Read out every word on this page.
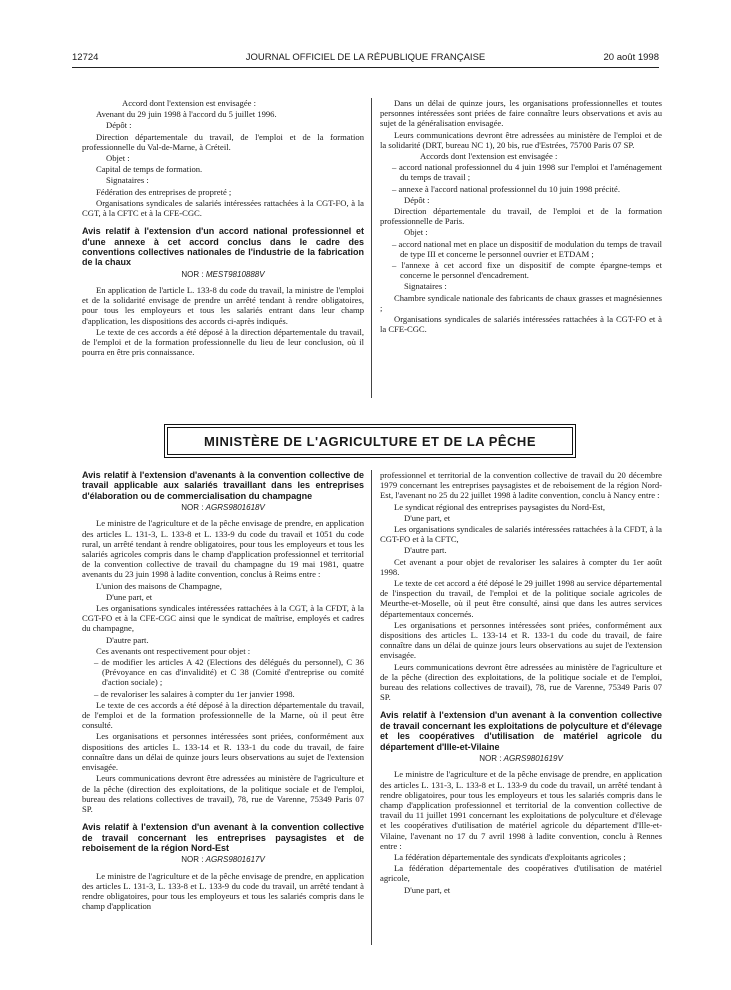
12724	JOURNAL OFFICIEL DE LA RÉPUBLIQUE FRANÇAISE	20 août 1998

Accord dont l'extension est envisagée :

Avenant du 29 juin 1998 à l'accord du 5 juillet 1996.

Dépôt :

Direction départementale du travail, de l'emploi et de la formation professionnelle du Val-de-Marne, à Créteil.

Objet :

Capital de temps de formation.

Signataires :

Fédération des entreprises de propreté ;

Organisations syndicales de salariés intéressées rattachées à la CGT-FO, à la CGT, à la CFTC et à la CFE-CGC.

Avis relatif à l'extension d'un accord national professionnel et d'une annexe à cet accord conclus dans le cadre des conventions collectives nationales de l'industrie de la fabrication de la chaux
NOR : MEST9810888V

En application de l'article L. 133-8 du code du travail, la ministre de l'emploi et de la solidarité envisage de prendre un arrêté tendant à rendre obligatoires, pour tous les employeurs et tous les salariés entrant dans leur champ d'application, les dispositions des accords ci-après indiqués.

Le texte de ces accords a été déposé à la direction départementale du travail, de l'emploi et de la formation professionnelle du lieu de leur conclusion, où il pourra en être pris connaissance.

Dans un délai de quinze jours, les organisations professionnelles et toutes personnes intéressées sont priées de faire connaître leurs observations et avis au sujet de la généralisation envisagée.

Leurs communications devront être adressées au ministère de l'emploi et de la solidarité (DRT, bureau NC 1), 20 bis, rue d'Estrées, 75700 Paris 07 SP.

Accords dont l'extension est envisagée :

– accord national professionnel du 4 juin 1998 sur l'emploi et l'aménagement du temps de travail ;

– annexe à l'accord national professionnel du 10 juin 1998 précité.

Dépôt :

Direction départementale du travail, de l'emploi et de la formation professionnelle de Paris.

Objet :

– accord national met en place un dispositif de modulation du temps de travail de type III et concerne le personnel ouvrier et ETDAM ;

– l'annexe à cet accord fixe un dispositif de compte épargne-temps et concerne le personnel d'encadrement.

Signataires :

Chambre syndicale nationale des fabricants de chaux grasses et magnésiennes ;

Organisations syndicales de salariés intéressées rattachées à la CGT-FO et à la CFE-CGC.

MINISTÈRE DE L'AGRICULTURE ET DE LA PÊCHE
Avis relatif à l'extension d'avenants à la convention collective de travail applicable aux salariés travaillant dans les entreprises d'élaboration ou de commercialisation du champagne
NOR : AGRS9801618V

Le ministre de l'agriculture et de la pêche envisage de prendre, en application des articles L. 131-3, L. 133-8 et L. 133-9 du code du travail et 1051 du code rural, un arrêté tendant à rendre obligatoires, pour tous les employeurs et tous les salariés agricoles compris dans le champ d'application professionnel et territorial de la convention collective de travail du champagne du 19 mai 1981, quatre avenants du 23 juin 1998 à ladite convention, conclus à Reims entre :

L'union des maisons de Champagne,

D'une part, et

Les organisations syndicales intéressées rattachées à la CGT, à la CFDT, à la CGT-FO et à la CFE-CGC ainsi que le syndicat de maîtrise, employés et cadres du champagne,

D'autre part.

Ces avenants ont respectivement pour objet :

– de modifier les articles A 42 (Elections des délégués du personnel), C 36 (Prévoyance en cas d'invalidité) et C 38 (Comité d'entreprise ou comité d'action sociale) ;

– de revaloriser les salaires à compter du 1er janvier 1998.

Le texte de ces accords a été déposé à la direction départementale du travail, de l'emploi et de la formation professionnelle de la Marne, où il peut être consulté.

Les organisations et personnes intéressées sont priées, conformément aux dispositions des articles L. 133-14 et R. 133-1 du code du travail, de faire connaître dans un délai de quinze jours leurs observations au sujet de l'extension envisagée.

Leurs communications devront être adressées au ministère de l'agriculture et de la pêche (direction des exploitations, de la politique sociale et de l'emploi, bureau des relations collectives de travail), 78, rue de Varenne, 75349 Paris 07 SP.

Avis relatif à l'extension d'un avenant à la convention collective de travail concernant les entreprises paysagistes et de reboisement de la région Nord-Est
NOR : AGRS9801617V

Le ministre de l'agriculture et de la pêche envisage de prendre, en application des articles L. 131-3, L. 133-8 et L. 133-9 du code du travail, un arrêté tendant à rendre obligatoires, pour tous les employeurs et tous les salariés compris dans le champ d'application

professionnel et territorial de la convention collective de travail du 20 décembre 1979 concernant les entreprises paysagistes et de reboisement de la région Nord-Est, l'avenant no 25 du 22 juillet 1998 à ladite convention, conclu à Nancy entre :

Le syndicat régional des entreprises paysagistes du Nord-Est,

D'une part, et

Les organisations syndicales de salariés intéressées rattachées à la CFDT, à la CGT-FO et à la CFTC,

D'autre part.

Cet avenant a pour objet de revaloriser les salaires à compter du 1er août 1998.

Le texte de cet accord a été déposé le 29 juillet 1998 au service départemental de l'inspection du travail, de l'emploi et de la politique sociale agricoles de Meurthe-et-Moselle, où il peut être consulté, ainsi que dans les autres services départementaux concernés.

Les organisations et personnes intéressées sont priées, conformément aux dispositions des articles L. 133-14 et R. 133-1 du code du travail, de faire connaître dans un délai de quinze jours leurs observations au sujet de l'extension envisagée.

Leurs communications devront être adressées au ministère de l'agriculture et de la pêche (direction des exploitations, de la politique sociale et de l'emploi, bureau des relations collectives de travail), 78, rue de Varenne, 75349 Paris 07 SP.

Avis relatif à l'extension d'un avenant à la convention collective de travail concernant les exploitations de polyculture et d'élevage et les coopératives d'utilisation de matériel agricole du département d'Ille-et-Vilaine
NOR : AGRS9801619V

Le ministre de l'agriculture et de la pêche envisage de prendre, en application des articles L. 131-3, L. 133-8 et L. 133-9 du code du travail, un arrêté tendant à rendre obligatoires, pour tous les employeurs et tous les salariés compris dans le champ d'application professionnel et territorial de la convention collective de travail du 11 juillet 1991 concernant les exploitations de polyculture et d'élevage et les coopératives d'utilisation de matériel agricole du département d'Ille-et-Vilaine, l'avenant no 17 du 7 avril 1998 à ladite convention, conclu à Rennes entre :

La fédération départementale des syndicats d'exploitants agricoles ;

La fédération départementale des coopératives d'utilisation de matériel agricole,

D'une part, et
